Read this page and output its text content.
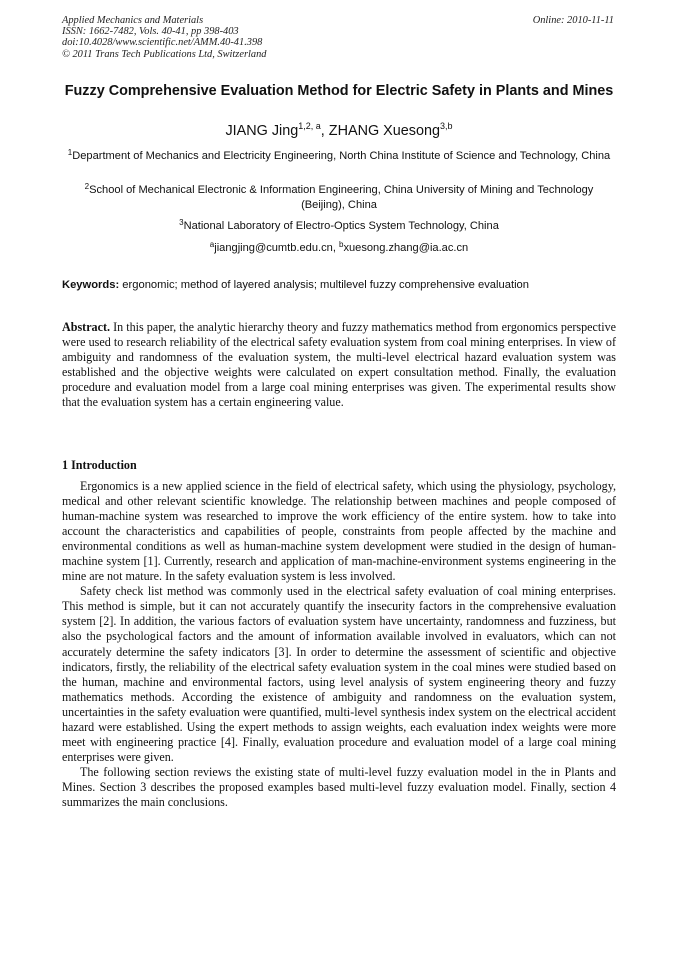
Applied Mechanics and Materials
ISSN: 1662-7482, Vols. 40-41, pp 398-403
doi:10.4028/www.scientific.net/AMM.40-41.398
© 2011 Trans Tech Publications Ltd, Switzerland
Online: 2010-11-11
Fuzzy Comprehensive Evaluation Method for Electric Safety in Plants and Mines
JIANG Jing$^{1,2, a}$, ZHANG Xuesong$^{3,b}$
$^1$Department of Mechanics and Electricity Engineering, North China Institute of Science and Technology, China
$^2$School of Mechanical Electronic & Information Engineering, China University of Mining and Technology (Beijing), China
$^3$National Laboratory of Electro-Optics System Technology, China
$^a$jiangjing@cumtb.edu.cn, $^b$xuesong.zhang@ia.ac.cn
Keywords: ergonomic; method of layered analysis; multilevel fuzzy comprehensive evaluation
Abstract. In this paper, the analytic hierarchy theory and fuzzy mathematics method from ergonomics perspective were used to research reliability of the electrical safety evaluation system from coal mining enterprises. In view of ambiguity and randomness of the evaluation system, the multi-level electrical hazard evaluation system was established and the objective weights were calculated on expert consultation method. Finally, the evaluation procedure and evaluation model from a large coal mining enterprises was given. The experimental results show that the evaluation system has a certain engineering value.
1 Introduction

Ergonomics is a new applied science in the field of electrical safety, which using the physiology, psychology, medical and other relevant scientific knowledge. The relationship between machines and people composed of human-machine system was researched to improve the work efficiency of the entire system. how to take into account the characteristics and capabilities of people, constraints from people affected by the machine and environmental conditions as well as human-machine system development were studied in the design of human-machine system [1]. Currently, research and application of man-machine-environment systems engineering in the mine are not mature. In the safety evaluation system is less involved.

Safety check list method was commonly used in the electrical safety evaluation of coal mining enterprises. This method is simple, but it can not accurately quantify the insecurity factors in the comprehensive evaluation system [2]. In addition, the various factors of evaluation system have uncertainty, randomness and fuzziness, but also the psychological factors and the amount of information available involved in evaluators, which can not accurately determine the safety indicators [3]. In order to determine the assessment of scientific and objective indicators, firstly, the reliability of the electrical safety evaluation system in the coal mines were studied based on the human, machine and environmental factors, using level analysis of system engineering theory and fuzzy mathematics methods. According the existence of ambiguity and randomness on the evaluation system, uncertainties in the safety evaluation were quantified, multi-level synthesis index system on the electrical accident hazard were established. Using the expert methods to assign weights, each evaluation index weights were more meet with engineering practice [4]. Finally, evaluation procedure and evaluation model of a large coal mining enterprises were given.

The following section reviews the existing state of multi-level fuzzy evaluation model in the in Plants and Mines. Section 3 describes the proposed examples based multi-level fuzzy evaluation model. Finally, section 4 summarizes the main conclusions.
